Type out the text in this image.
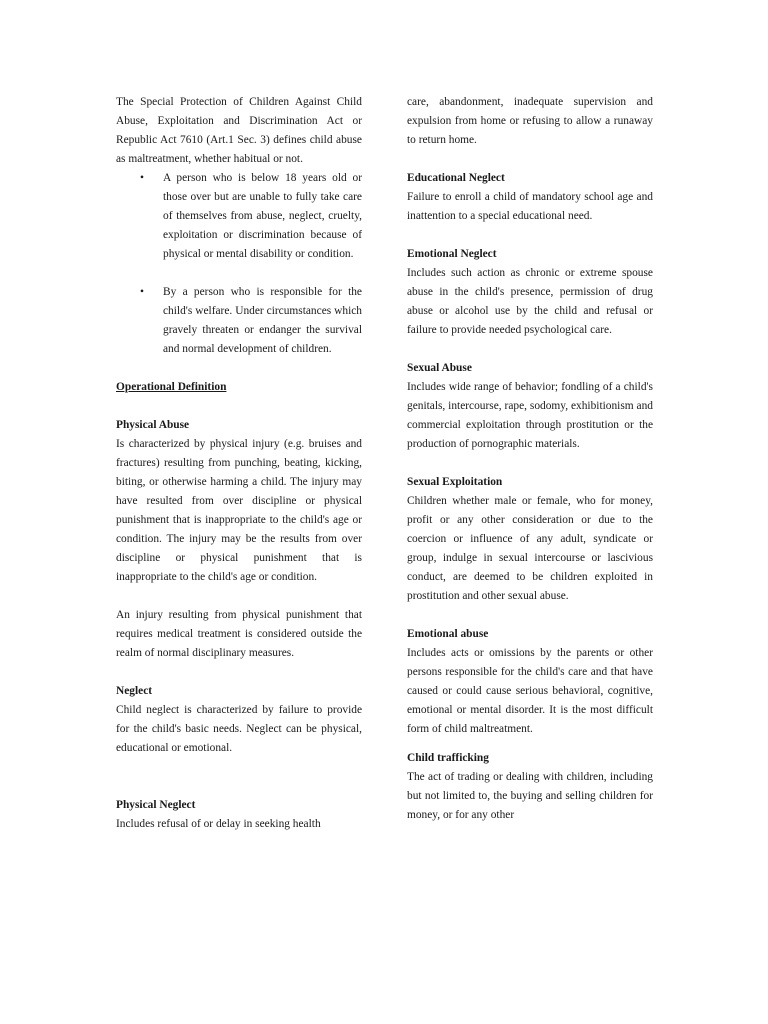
The Special Protection of Children Against Child Abuse, Exploitation and Discrimination Act or Republic Act 7610 (Art.1 Sec. 3) defines child abuse as maltreatment, whether habitual or not.

• A person who is below 18 years old or those over but are unable to fully take care of themselves from abuse, neglect, cruelty, exploitation or discrimination because of physical or mental disability or condition.
• By a person who is responsible for the child's welfare. Under circumstances which gravely threaten or endanger the survival and normal development of children.

Operational Definition

Physical Abuse

Is characterized by physical injury (e.g. bruises and fractures) resulting from punching, beating, kicking, biting, or otherwise harming a child. The injury may have resulted from over discipline or physical punishment that is inappropriate to the child's age or condition. The injury may be the results from over discipline or physical punishment that is inappropriate to the child's age or condition.

An injury resulting from physical punishment that requires medical treatment is considered outside the realm of normal disciplinary measures.

Neglect

Child neglect is characterized by failure to provide for the child's basic needs. Neglect can be physical, educational or emotional.

Physical Neglect

Includes refusal of or delay in seeking health

care, abandonment, inadequate supervision and expulsion from home or refusing to allow a runaway to return home.

Educational Neglect

Failure to enroll a child of mandatory school age and inattention to a special educational need.

Emotional Neglect

Includes such action as chronic or extreme spouse abuse in the child's presence, permission of drug abuse or alcohol use by the child and refusal or failure to provide needed psychological care.

Sexual Abuse

Includes wide range of behavior; fondling of a child's genitals, intercourse, rape, sodomy, exhibitionism and commercial exploitation through prostitution or the production of pornographic materials.

Sexual Exploitation

Children whether male or female, who for money, profit or any other consideration or due to the coercion or influence of any adult, syndicate or group, indulge in sexual intercourse or lascivious conduct, are deemed to be children exploited in prostitution and other sexual abuse.

Emotional abuse

Includes acts or omissions by the parents or other persons responsible for the child's care and that have caused or could cause serious behavioral, cognitive, emotional or mental disorder. It is the most difficult form of child maltreatment.

Child trafficking

The act of trading or dealing with children, including but not limited to, the buying and selling children for money, or for any other
